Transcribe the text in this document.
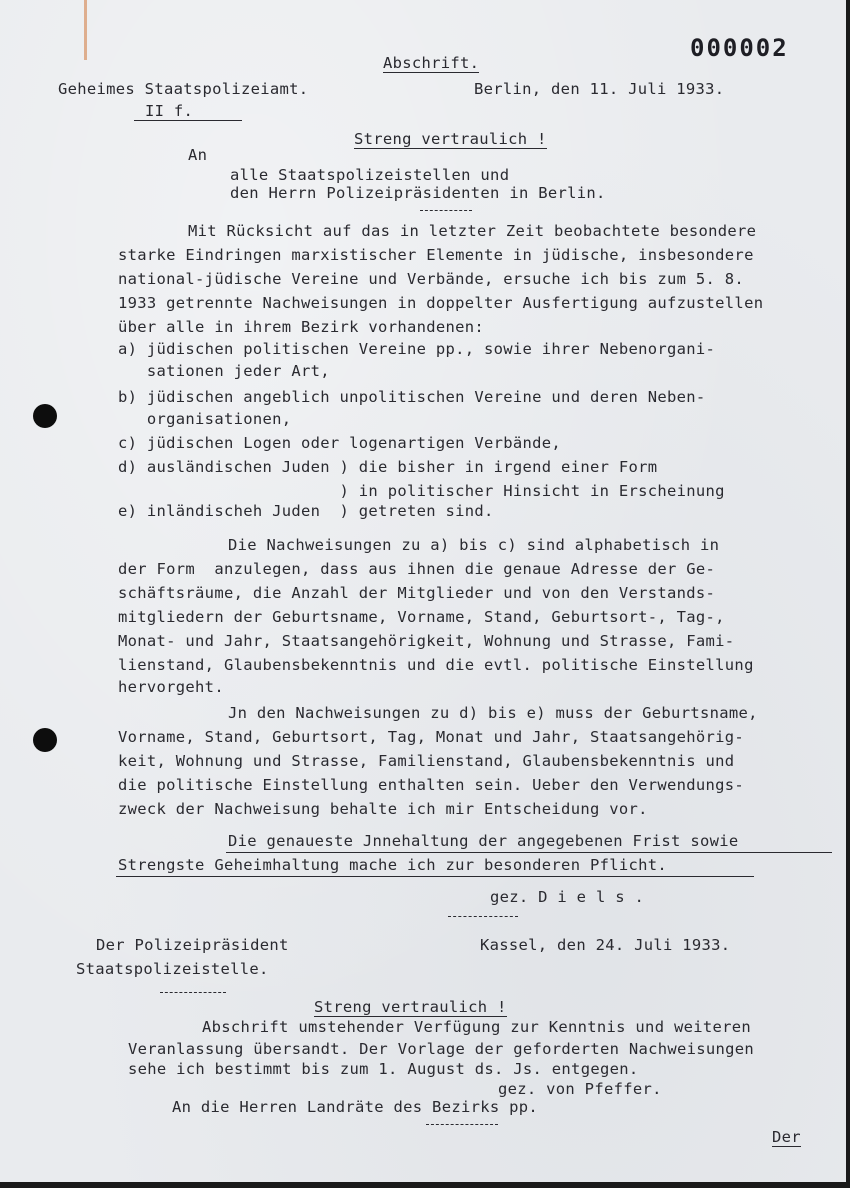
000002
Abschrift.
Geheimes Staatspolizeiamt.	Berlin, den 11. Juli 1933.
II f.
Streng vertraulich !
An
alle Staatspolizeistellen und
den Herrn Polizeipräsidenten in Berlin.
Mit Rücksicht auf das in letzter Zeit beobachtete besondere
starke Eindringen marxistischer Elemente in jüdische, insbesondere
national-jüdische Vereine und Verbände, ersuche ich bis zum 5. 8.
1933 getrennte Nachweisungen in doppelter Ausfertigung aufzustellen
über alle in ihrem Bezirk vorhandenen:
a) jüdischen politischen Vereine pp., sowie ihrer Nebenorgani-
sationen jeder Art,
b) jüdischen angeblich unpolitischen Vereine und deren Neben-
organisationen,
c) jüdischen Logen oder logenartigen Verbände,
d) ausländischen Juden ) die bisher in irgend einer Form
) in politischer Hinsicht in Erscheinung
e) inländischeh Juden  ) getreten sind.
Die Nachweisungen zu a) bis c) sind alphabetisch in
der Form  anzulegen, dass aus ihnen die genaue Adresse der Ge-
schäftsräume, die Anzahl der Mitglieder und von den Verstands-
mitgliedern der Geburtsname, Vorname, Stand, Geburtsort-, Tag-,
Monat- und Jahr, Staatsangehörigkeit, Wohnung und Strasse, Fami-
lienstand, Glaubensbekenntnis und die evtl. politische Einstellung
hervorgeht.
Jn den Nachweisungen zu d) bis e) muss der Geburtsname,
Vorname, Stand, Geburtsort, Tag, Monat und Jahr, Staatsangehörig-
keit, Wohnung und Strasse, Familienstand, Glaubensbekenntnis und
die politische Einstellung enthalten sein. Ueber den Verwendungs-
zweck der Nachweisung behalte ich mir Entscheidung vor.
Die genaueste Jnnehaltung der angegebenen Frist sowie
Strengste Geheimhaltung mache ich zur besonderen Pflicht.
gez. D i e l s .
Der Polizeipräsident	Kassel, den 24. Juli 1933.
Staatspolizeistelle.
Streng vertraulich !
Abschrift umstehender Verfügung zur Kenntnis und weiteren
Veranlassung übersandt. Der Vorlage der geforderten Nachweisungen
sehe ich bestimmt bis zum 1. August ds. Js. entgegen.
gez. von Pfeffer.
An die Herren Landräte des Bezirks pp.
Der
